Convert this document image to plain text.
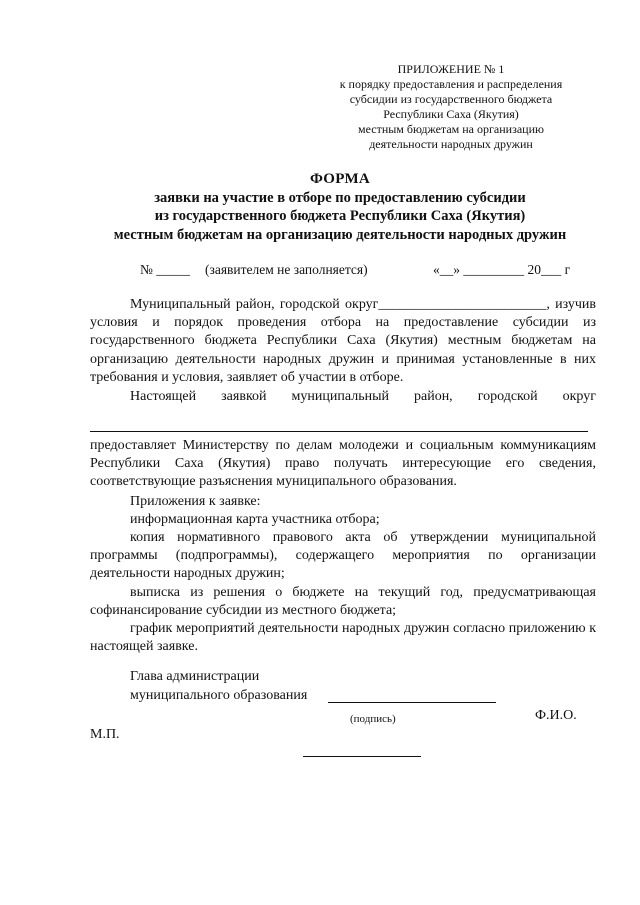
ПРИЛОЖЕНИЕ № 1
к порядку предоставления и распределения
субсидии из государственного бюджета
Республики Саха (Якутия)
местным бюджетам на организацию
деятельности народных дружин
ФОРМА
заявки на участие в отборе по предоставлению субсидии
из государственного бюджета Республики Саха (Якутия)
местным бюджетам на организацию деятельности народных дружин
№ _____ (заявителем не заполняется)	«__» _________ 20___ г

Муниципальный район, городской округ________________________, изучив условия и порядок проведения отбора на предоставление субсидии из государственного бюджета Республики Саха (Якутия) местным бюджетам на организацию деятельности народных дружин и принимая установленные в них требования и условия, заявляет об участии в отборе.

Настоящей заявкой муниципальный район, городской округ

предоставляет Министерству по делам молодежи и социальным коммуникациям Республики Саха (Якутия) право получать интересующие его сведения, соответствующие разъяснения муниципального образования.

Приложения к заявке:

информационная карта участника отбора;

копия нормативного правового акта об утверждении муниципальной программы (подпрограммы), содержащего мероприятия по организации деятельности народных дружин;

выписка из решения о бюджете на текущий год, предусматривающая софинансирование субсидии из местного бюджета;

график мероприятий деятельности народных дружин согласно приложению к настоящей заявке.

Глава администрации
муниципального образования
(подпись)	Ф.И.О.
М.П.
